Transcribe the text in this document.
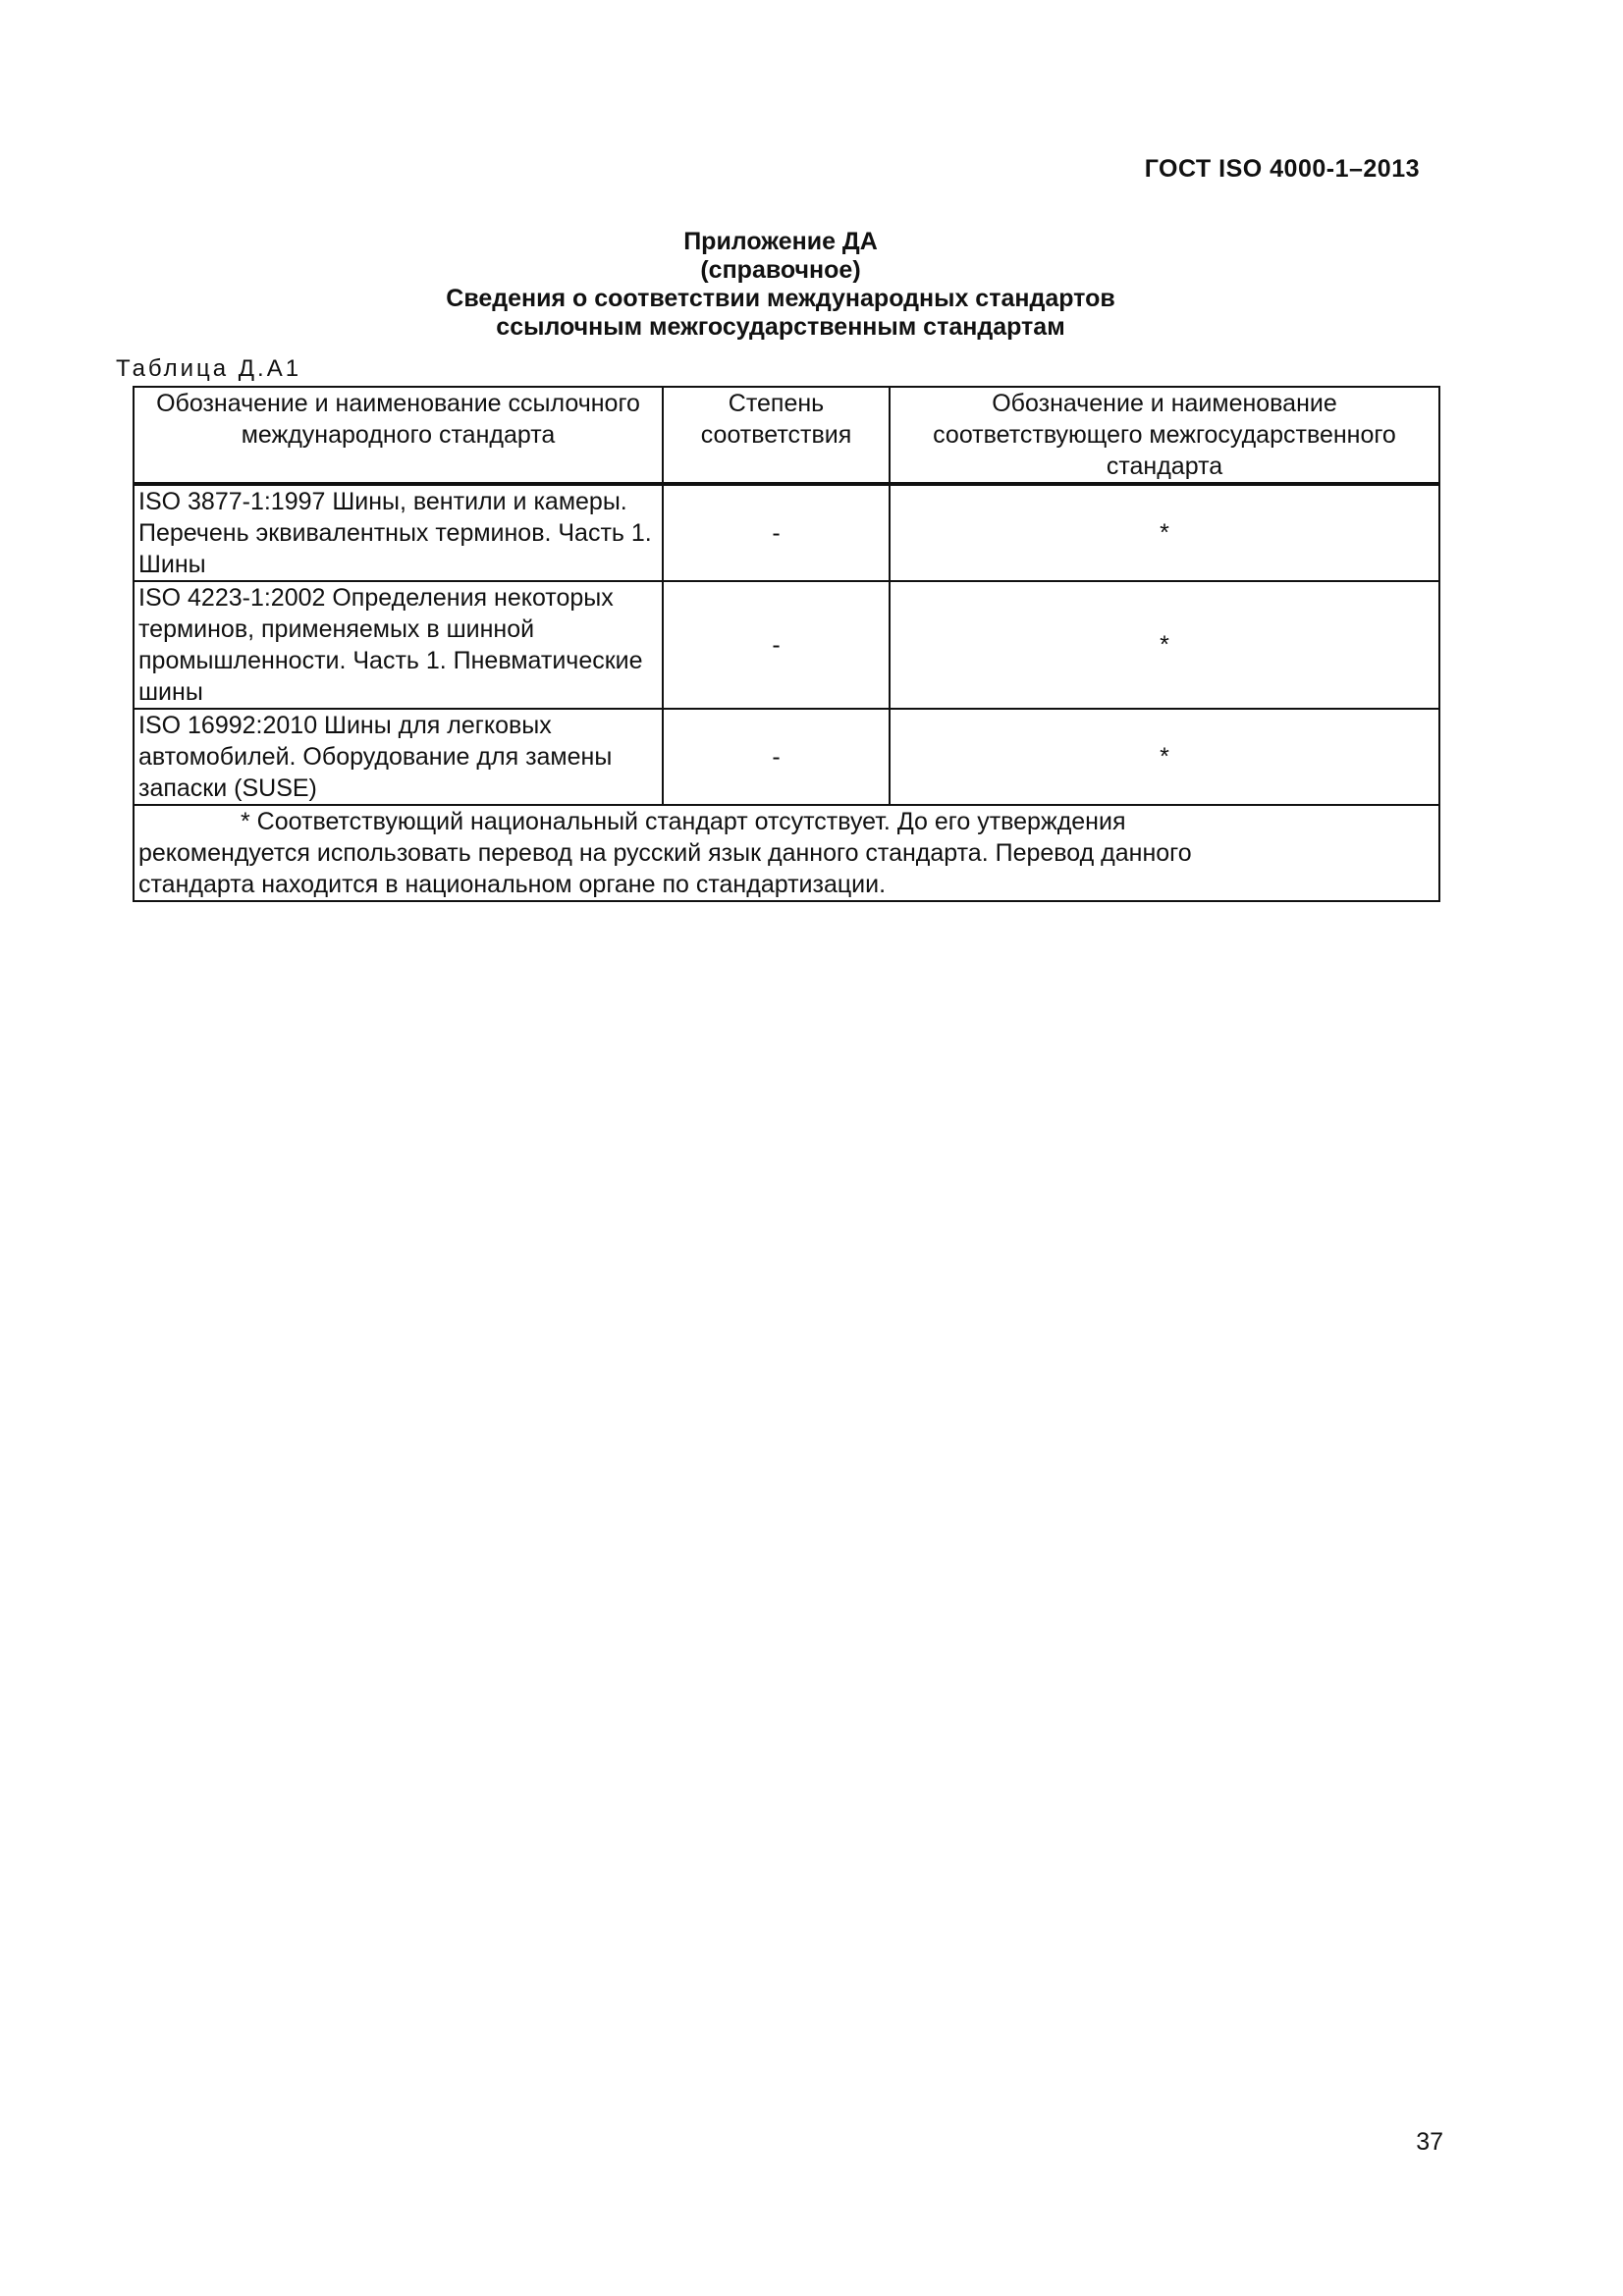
ГОСТ ISO 4000-1–2013
Приложение ДА
(справочное)
Сведения о соответствии международных стандартов
ссылочным межгосударственным стандартам
Таблица Д.А1
Обозначение и наименование ссылочного международного стандарта	Степень соответствия	Обозначение и наименование соответствующего межгосударственного стандарта
ISO 3877-1:1997 Шины, вентили и камеры. Перечень эквивалентных терминов. Часть 1. Шины	-	*
ISO 4223-1:2002 Определения некоторых терминов, применяемых в шинной промышленности. Часть 1. Пневматические шины	-	*
ISO 16992:2010 Шины для легковых автомобилей. Оборудование для замены запаски (SUSE)	-	*

* Соответствующий национальный стандарт отсутствует. До его утверждения
рекомендуется использовать перевод на русский язык данного стандарта. Перевод данного
стандарта находится в национальном органе по стандартизации.		
37
